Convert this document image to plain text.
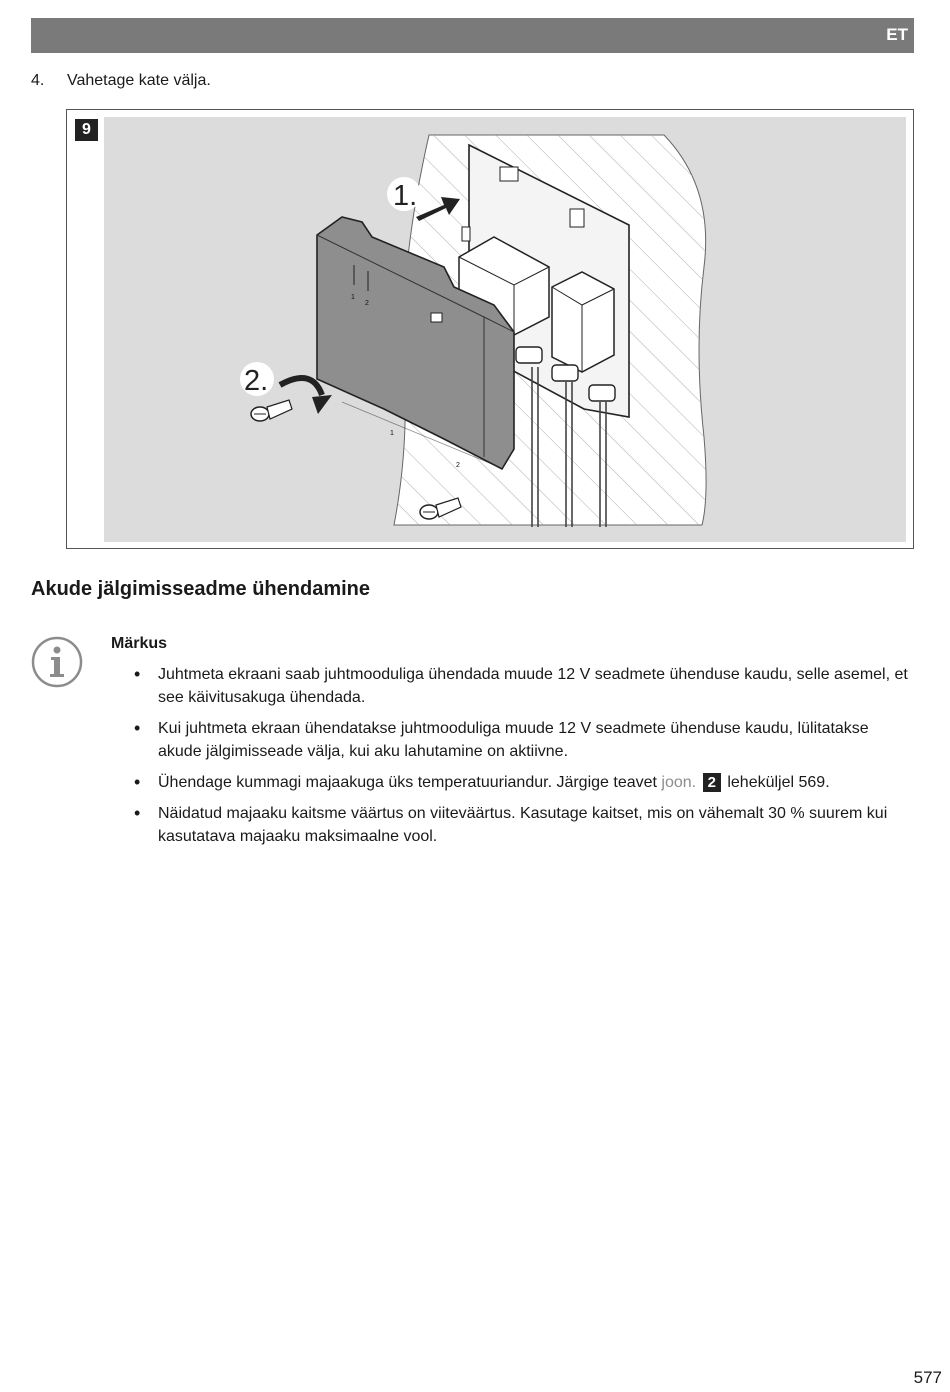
ET
4. Vahetage kate välja.
9
1
2
1
2
1.
2.
Akude jälgimisseadme ühendamine
Märkus
• Juhtmeta ekraani saab juhtmooduliga ühendada muude 12 V seadmete ühenduse kaudu, selle asemel, et see käivitusakuga ühendada.
• Kui juhtmeta ekraan ühendatakse juhtmooduliga muude 12 V seadmete ühenduse kaudu, lülitatakse akude jälgimisseade välja, kui aku lahutamine on aktiivne.
• Ühendage kummagi majaakuga üks temperatuuriandur. Järgige teavet joon. 2 leheküljel 569.
• Näidatud majaaku kaitsme väärtus on viiteväärtus. Kasutage kaitset, mis on vähemalt 30 % suurem kui kasutatava majaaku maksimaalne vool.
577
